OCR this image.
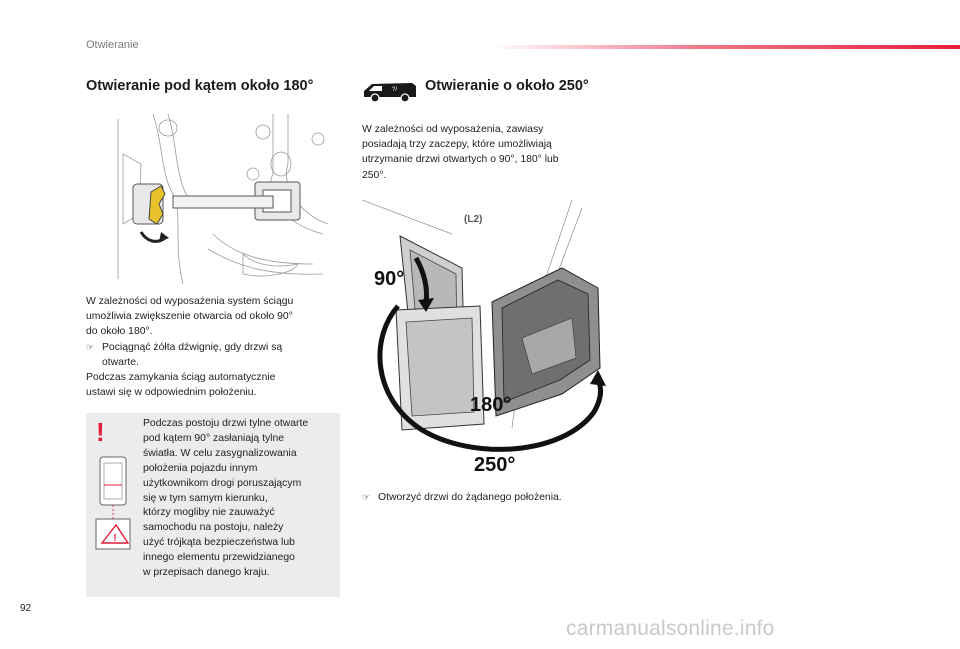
Otwieranie
Otwieranie pod kątem około 180°

W zależności od wyposażenia system ściągu

umożliwia zwiększenie otwarcia od około 90°

do około 180°.

☞ Pociągnąć żółta dźwignię, gdy drzwi są
otwarte.

Podczas zamykania ściąg automatycznie

ustawi się w odpowiednim położeniu.

!
!

Podczas postoju drzwi tylne otwarte

pod kątem 90° zasłaniają tylne

światła. W celu zasygnalizowania

położenia pojazdu innym

użytkownikom drogi poruszającym

się w tym samym kierunku,

którzy mogliby nie zauważyć

samochodu na postoju, należy

użyć trójkąta bezpieczeństwa lub

innego elementu przewidzianego

w przepisach danego kraju.

?/ Otwieranie o około 250°

W zależności od wyposażenia, zawiasy

posiadają trzy zaczepy, które umożliwiają

utrzymanie drzwi otwartych o 90°, 180° lub

250°.

(L2)
90°
180°
250°
☞ Otworzyć drzwi do żądanego położenia.
92
carmanualsonline.info
